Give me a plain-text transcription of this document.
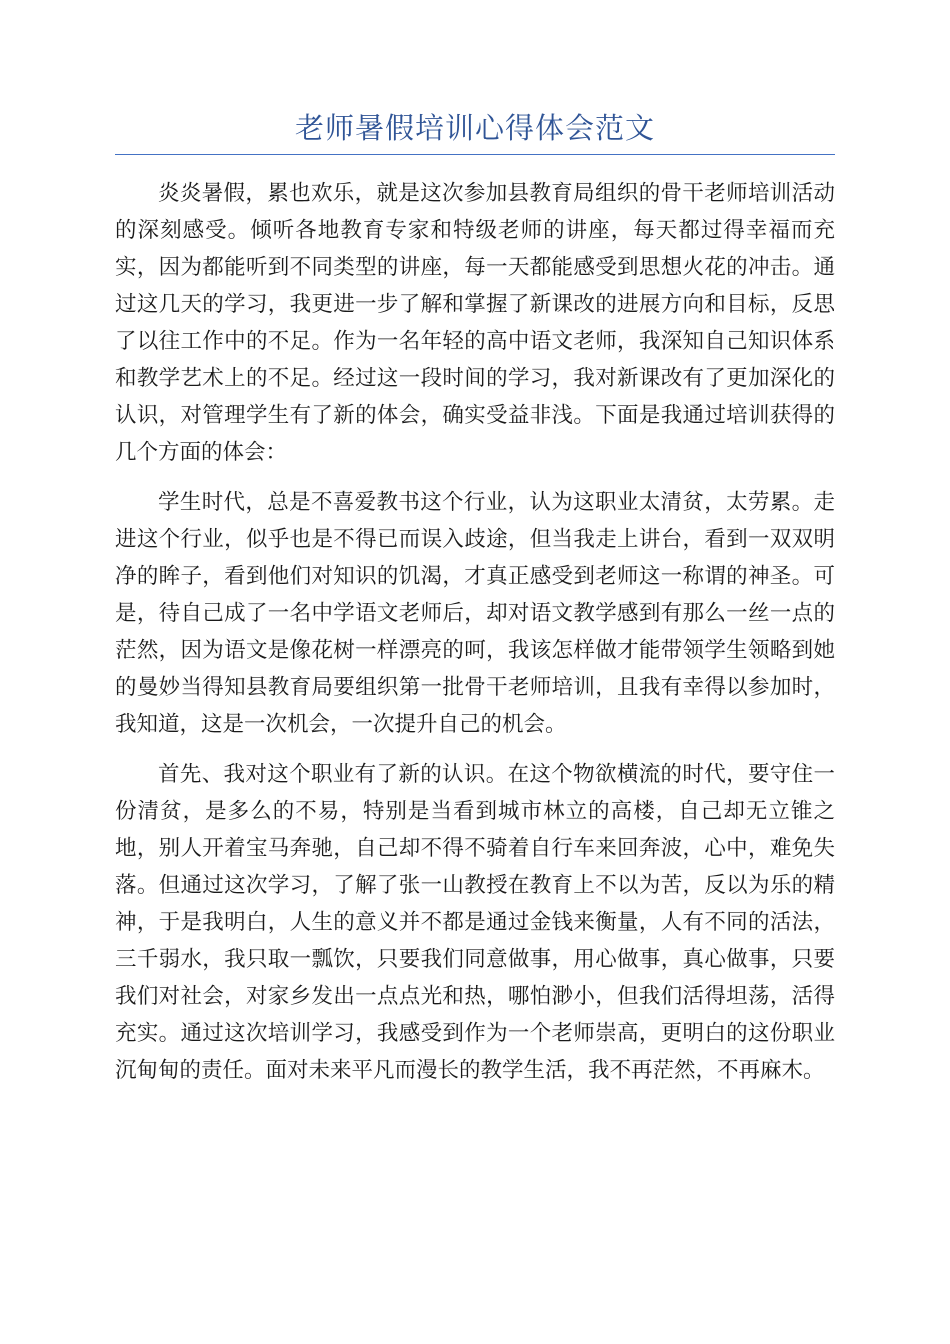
老师暑假培训心得体会范文

炎炎暑假，累也欢乐，就是这次参加县教育局组织的骨干老师培训活动的深刻感受。倾听各地教育专家和特级老师的讲座，每天都过得幸福而充实，因为都能听到不同类型的讲座，每一天都能感受到思想火花的冲击。通过这几天的学习，我更进一步了解和掌握了新课改的进展方向和目标，反思了以往工作中的不足。作为一名年轻的高中语文老师，我深知自己知识体系和教学艺术上的不足。经过这一段时间的学习，我对新课改有了更加深化的认识，对管理学生有了新的体会，确实受益非浅。下面是我通过培训获得的几个方面的体会：

学生时代，总是不喜爱教书这个行业，认为这职业太清贫，太劳累。走进这个行业，似乎也是不得已而误入歧途，但当我走上讲台，看到一双双明净的眸子，看到他们对知识的饥渴，才真正感受到老师这一称谓的神圣。可是，待自己成了一名中学语文老师后，却对语文教学感到有那么一丝一点的茫然，因为语文是像花树一样漂亮的呵，我该怎样做才能带领学生领略到她的曼妙当得知县教育局要组织第一批骨干老师培训，且我有幸得以参加时，我知道，这是一次机会，一次提升自己的机会。

首先、我对这个职业有了新的认识。在这个物欲横流的时代，要守住一份清贫，是多么的不易，特别是当看到城市林立的高楼，自己却无立锥之地，别人开着宝马奔驰，自己却不得不骑着自行车来回奔波，心中，难免失落。但通过这次学习，了解了张一山教授在教育上不以为苦，反以为乐的精神，于是我明白，人生的意义并不都是通过金钱来衡量，人有不同的活法，三千弱水，我只取一瓢饮，只要我们同意做事，用心做事，真心做事，只要我们对社会，对家乡发出一点点光和热，哪怕渺小，但我们活得坦荡，活得充实。通过这次培训学习，我感受到作为一个老师崇高，更明白的这份职业沉甸甸的责任。面对未来平凡而漫长的教学生活，我不再茫然，不再麻木。
